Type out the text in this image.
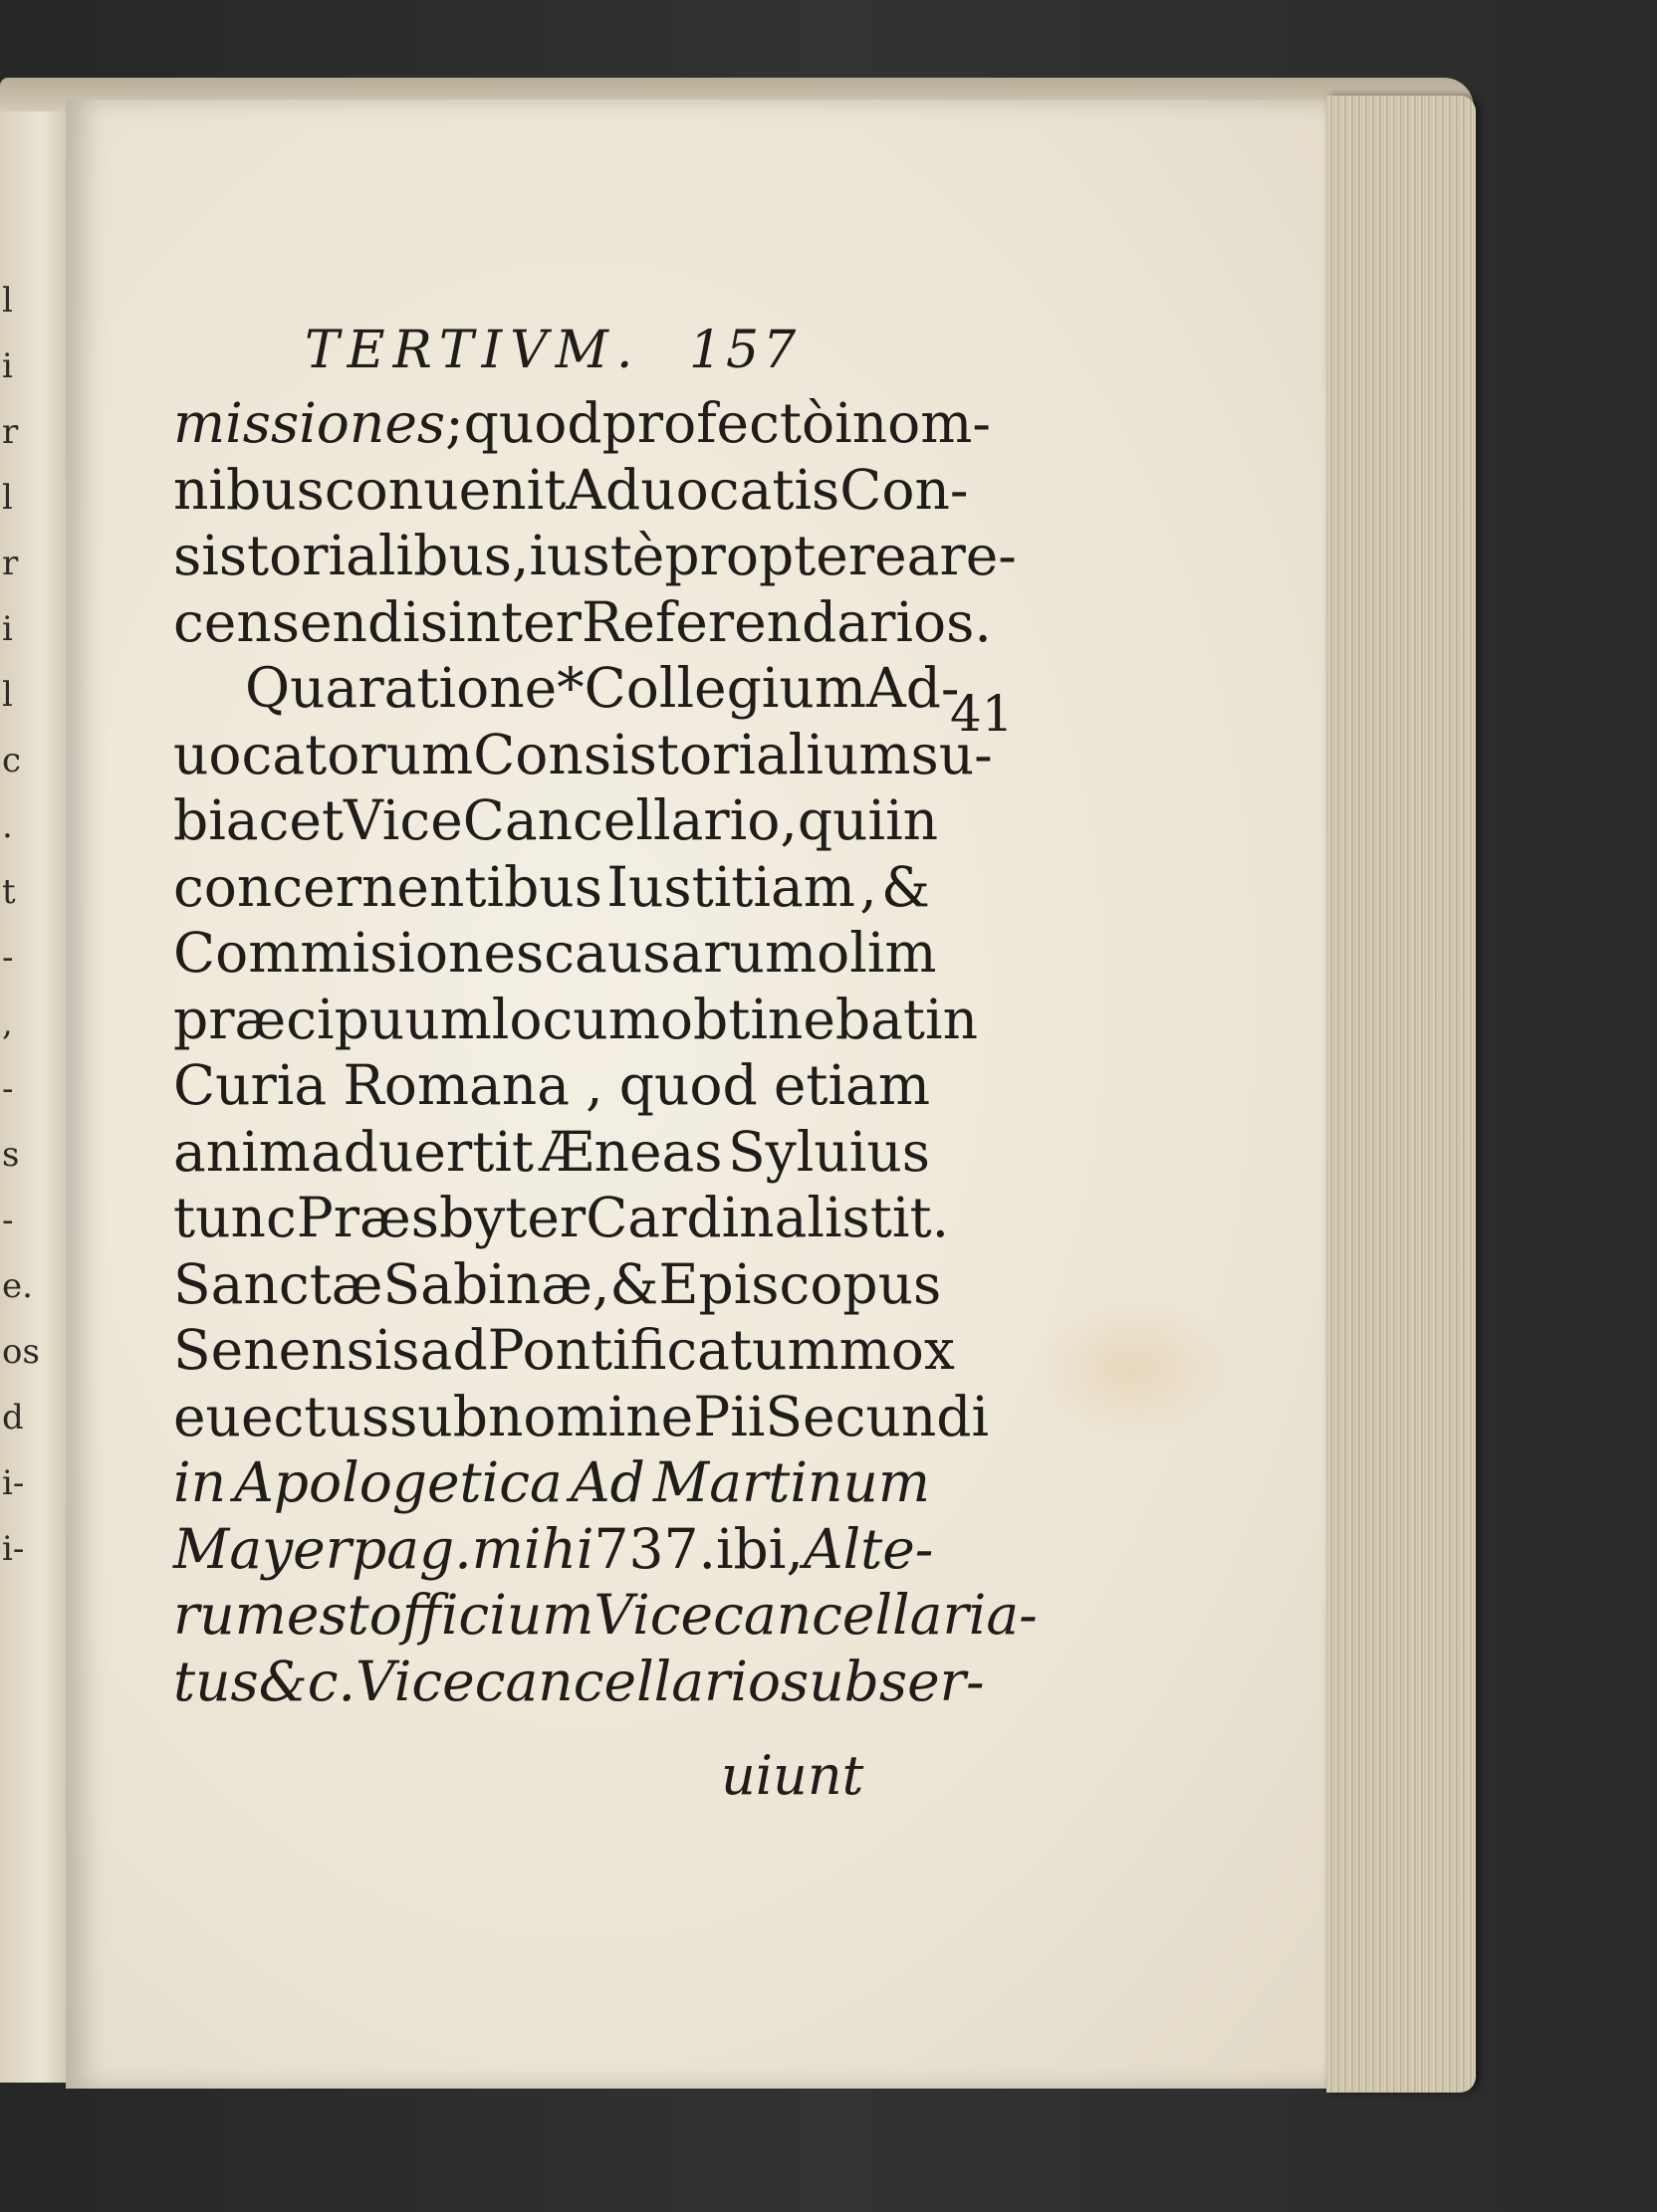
l
i
r
l
r
i
l
c
.
t
-
,
-
s
-
e.
os
d
i-
i-
TERTIVM. 157
missiones ; quod profectò in om-
nibus conuenit Aduocatis Con-
sistorialibus, iustè propterea re-
censendis inter Referendarios .
Qua ratione *Collegium Ad-
uocatorum Consistorialium su-
biacet ViceCancellario, qui in
concernentibus Iustitiam , &
Commisiones causarum olim
præcipuum locum obtinebat in
Curia Romana , quod etiam
animaduertit Æneas Syluius
tunc Præsbyter Cardinalis tit.
Sanctæ Sabinæ , & Episcopus
Senensis ad Pontificatum mox
euectus sub nomine Pii Secundi
in Apologetica Ad Martinum
Mayer pag. mihi 737. ibi, Alte-
rum est officium Vicecancellaria-
tus &c. Vicecancellario subser-
41
uiunt
